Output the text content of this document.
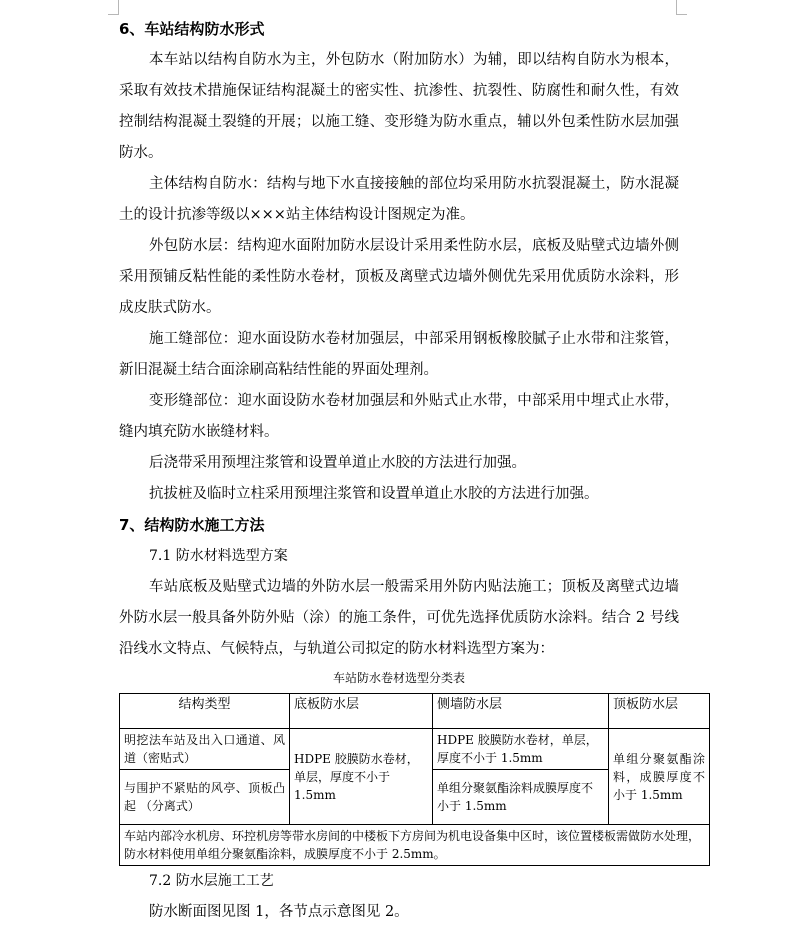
6、车站结构防水形式

本车站以结构自防水为主，外包防水（附加防水）为辅，即以结构自防水为根本，采取有效技术措施保证结构混凝土的密实性、抗渗性、抗裂性、防腐性和耐久性，有效控制结构混凝土裂缝的开展；以施工缝、变形缝为防水重点，辅以外包柔性防水层加强防水。

主体结构自防水：结构与地下水直接接触的部位均采用防水抗裂混凝土，防水混凝土的设计抗渗等级以×××站主体结构设计图规定为准。

外包防水层：结构迎水面附加防水层设计采用柔性防水层，底板及贴壁式边墙外侧采用预铺反粘性能的柔性防水卷材，顶板及离壁式边墙外侧优先采用优质防水涂料，形成皮肤式防水。

施工缝部位：迎水面设防水卷材加强层，中部采用钢板橡胶腻子止水带和注浆管，新旧混凝土结合面涂刷高粘结性能的界面处理剂。

变形缝部位：迎水面设防水卷材加强层和外贴式止水带，中部采用中埋式止水带，缝内填充防水嵌缝材料。

后浇带采用预埋注浆管和设置单道止水胶的方法进行加强。

抗拔桩及临时立柱采用预埋注浆管和设置单道止水胶的方法进行加强。

7、结构防水施工方法
7.1 防水材料选型方案

车站底板及贴壁式边墙的外防水层一般需采用外防内贴法施工；顶板及离壁式边墙外防水层一般具备外防外贴（涂）的施工条件，可优先选择优质防水涂料。结合 2 号线沿线水文特点、气候特点，与轨道公司拟定的防水材料选型方案为：

车站防水卷材选型分类表
结构类型	底板防水层	侧墙防水层	顶板防水层
明挖法车站及出入口通道、风道（密贴式）	HDPE 胶膜防水卷材，单层，厚度不小于 1.5mm	HDPE 胶膜防水卷材，单层，厚度不小于 1.5mm	单组分聚氨酯涂料，成膜厚度不小于 1.5mm
与围护不紧贴的风亭、顶板凸起 （分离式）		单组分聚氨酯涂料成膜厚度不小于 1.5mm	
车站内部冷水机房、环控机房等带水房间的中楼板下方房间为机电设备集中区时，该位置楼板需做防水处理，防水材料使用单组分聚氨酯涂料，成膜厚度不小于 2.5mm。			
7.2 防水层施工工艺

防水断面图见图 1，各节点示意图见 2。
